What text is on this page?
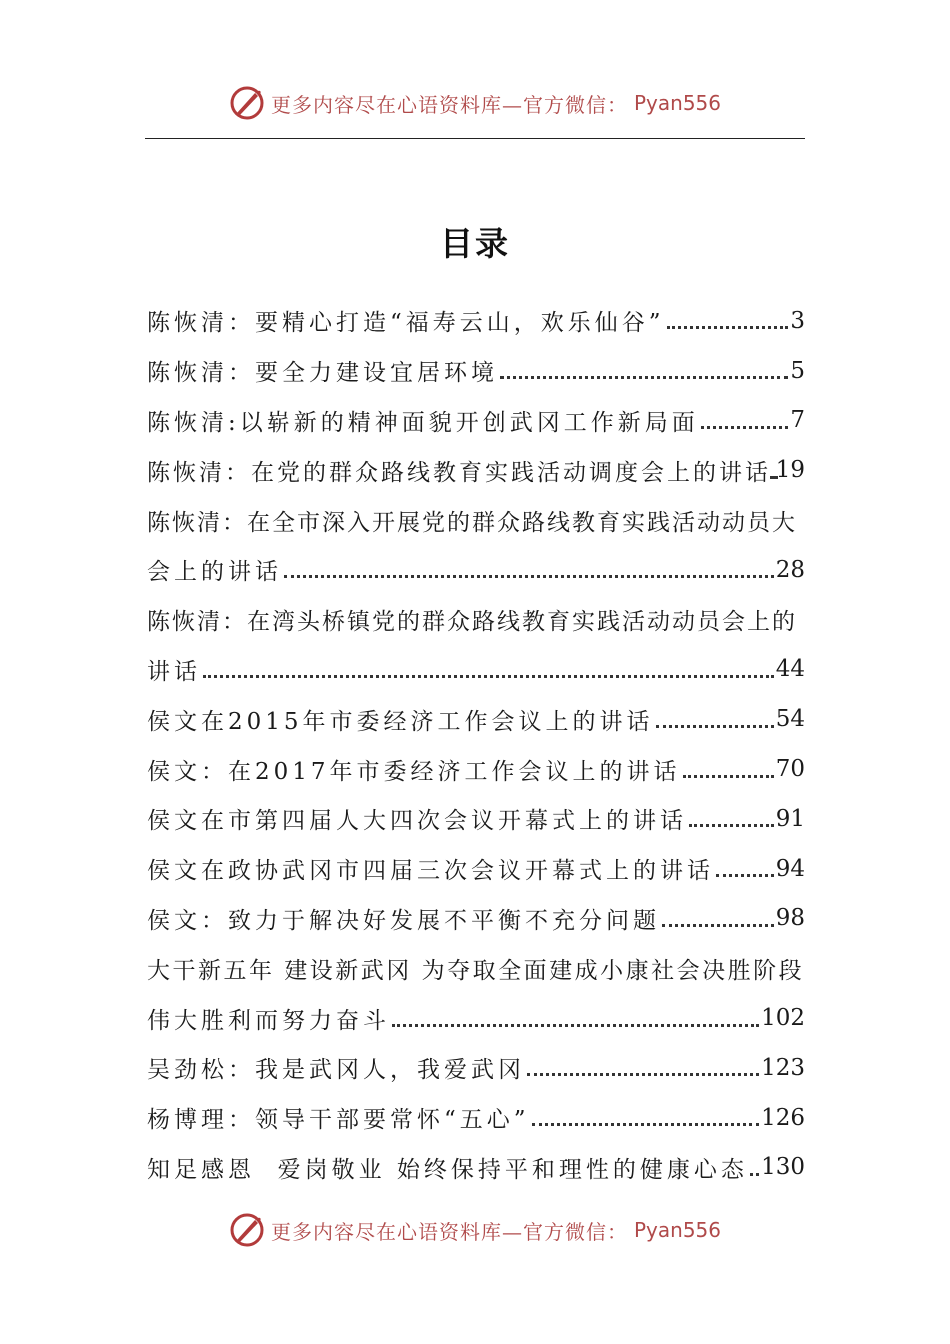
更多内容尽在心语资料库—官方微信： Pyan556
目录
陈恢清：要精心打造“福寿云山，欢乐仙谷”	3
陈恢清：要全力建设宜居环境	5
陈恢清:以崭新的精神面貌开创武冈工作新局面	7
陈恢清：在党的群众路线教育实践活动调度会上的讲话 19
陈恢清：在全市深入开展党的群众路线教育实践活动动员大
会上的讲话	28
陈恢清：在湾头桥镇党的群众路线教育实践活动动员会上的
讲话	44
侯文在2015年市委经济工作会议上的讲话	54
侯文：在2017年市委经济工作会议上的讲话	70
侯文在市第四届人大四次会议开幕式上的讲话	91
侯文在政协武冈市四届三次会议开幕式上的讲话	94
侯文：致力于解决好发展不平衡不充分问题	98
大干新五年 建设新武冈 为夺取全面建成小康社会决胜阶段
伟大胜利而努力奋斗	102
吴劲松：我是武冈人，我爱武冈	123
杨博理：领导干部要常怀“五心”	126
知足感恩  爱岗敬业 始终保持平和理性的健康心态 130
更多内容尽在心语资料库—官方微信： Pyan556
